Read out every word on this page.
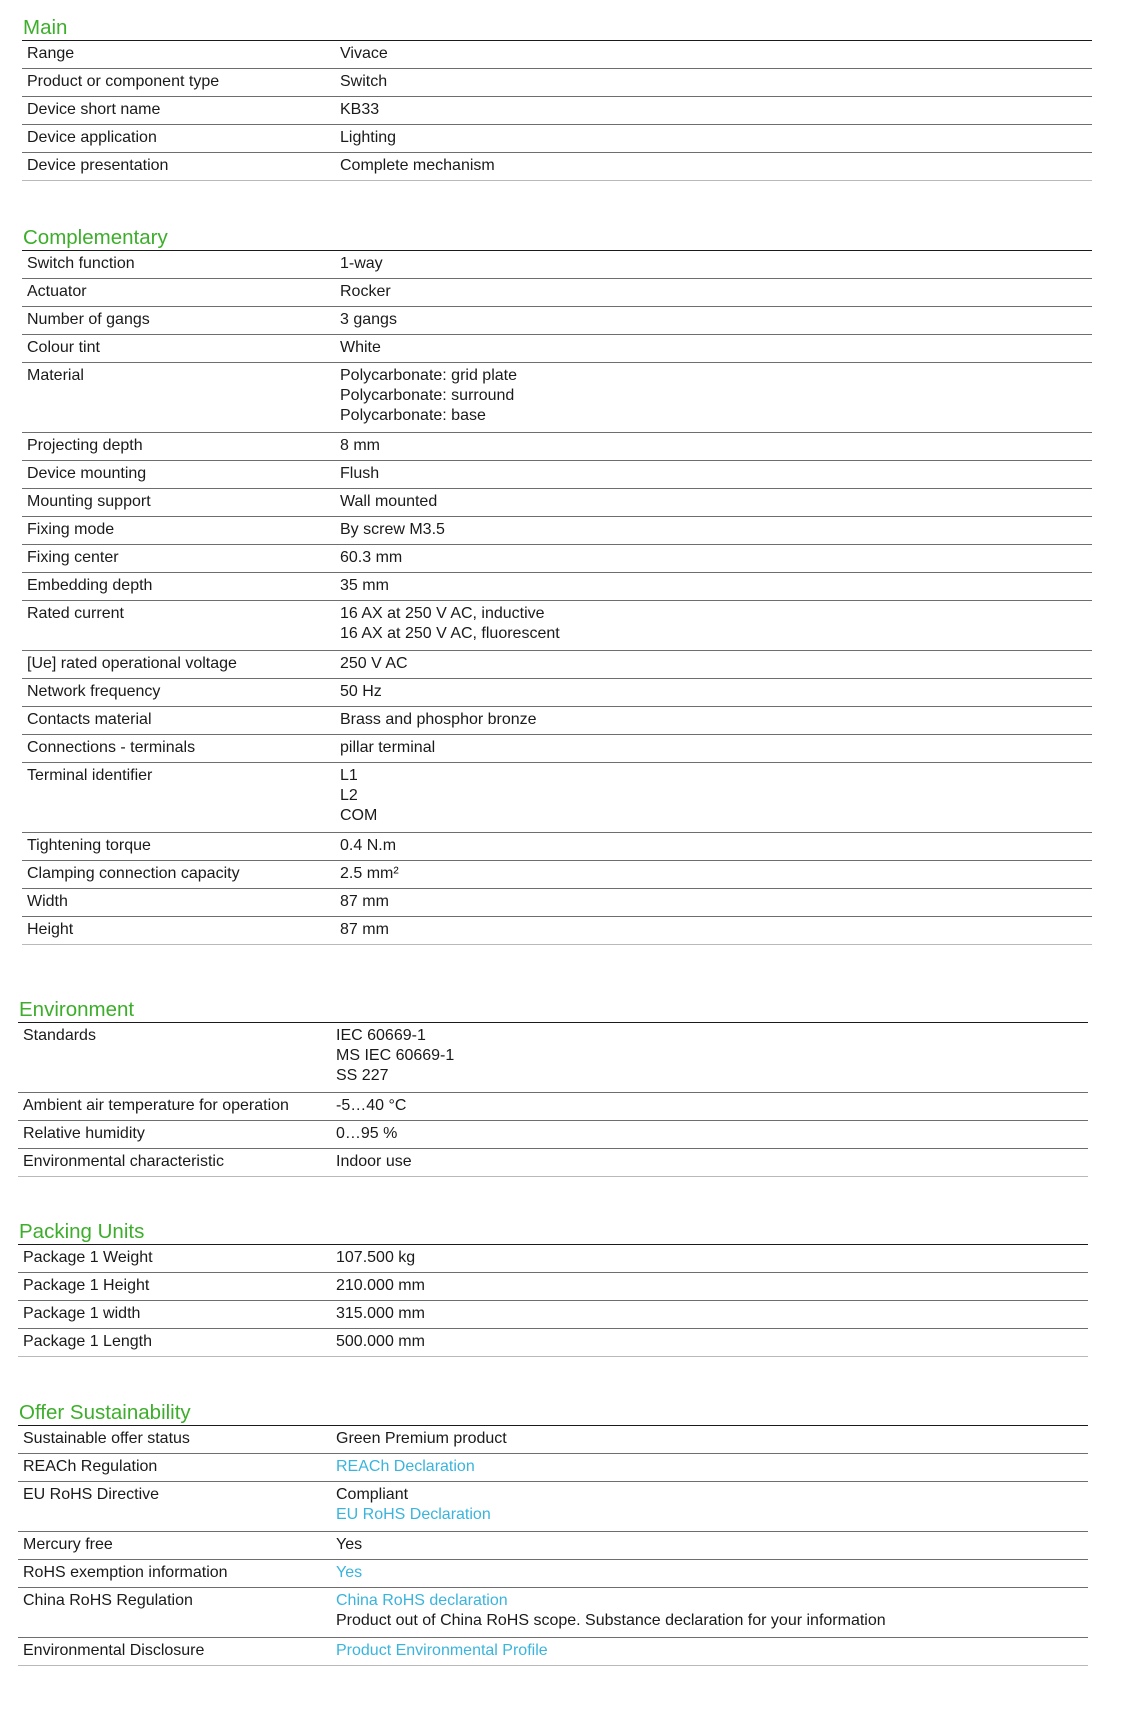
Main
Range	Vivace
Product or component type	Switch
Device short name	KB33
Device application	Lighting
Device presentation	Complete mechanism
Complementary
Switch function	1-way
Actuator	Rocker
Number of gangs	3 gangs
Colour tint	White
Material	Polycarbonate: grid plate
Polycarbonate: surround
Polycarbonate: base
Projecting depth	8 mm
Device mounting	Flush
Mounting support	Wall mounted
Fixing mode	By screw M3.5
Fixing center	60.3 mm
Embedding depth	35 mm
Rated current	16 AX at 250 V AC, inductive
16 AX at 250 V AC, fluorescent
[Ue] rated operational voltage	250 V AC
Network frequency	50 Hz
Contacts material	Brass and phosphor bronze
Connections - terminals	pillar terminal
Terminal identifier	L1
L2
COM
Tightening torque	0.4 N.m
Clamping connection capacity	2.5 mm²
Width	87 mm
Height	87 mm
Environment
Standards	IEC 60669-1
MS IEC 60669-1
SS 227
Ambient air temperature for operation	-5…40 °C
Relative humidity	0…95 %
Environmental characteristic	Indoor use
Packing Units
Package 1 Weight	107.500 kg
Package 1 Height	210.000 mm
Package 1 width	315.000 mm
Package 1 Length	500.000 mm
Offer Sustainability
Sustainable offer status	Green Premium product
REACh Regulation	REACh Declaration
EU RoHS Directive	Compliant
EU RoHS Declaration
Mercury free	Yes
RoHS exemption information	Yes
China RoHS Regulation	China RoHS declaration
Product out of China RoHS scope. Substance declaration for your information
Environmental Disclosure	Product Environmental Profile
